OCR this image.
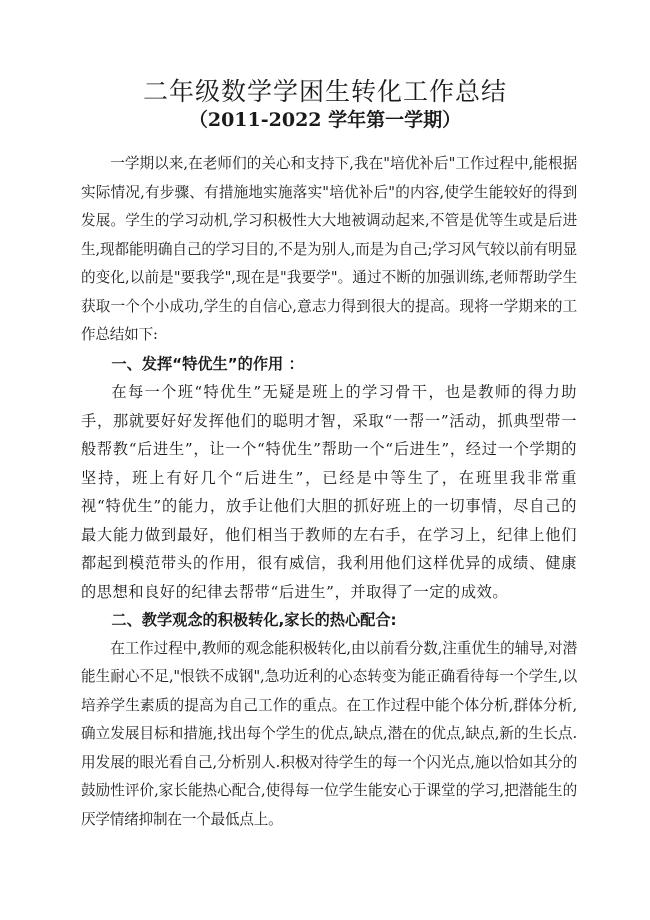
二年级数学学困生转化工作总结
（2011-2022 学年第一学期）

一学期以来,在老师们的关心和支持下,我在"培优补后"工作过程中,能根据实际情况,有步骤、有措施地实施落实"培优补后"的内容,使学生能较好的得到发展。学生的学习动机,学习积极性大大地被调动起来,不管是优等生或是后进生,现都能明确自己的学习目的,不是为别人,而是为自己;学习风气较以前有明显的变化,以前是"要我学",现在是"我要学"。通过不断的加强训练,老师帮助学生获取一个个小成功,学生的自信心,意志力得到很大的提高。现将一学期来的工作总结如下:

一、发挥“特优生”的作用 ：

在每一个班“特优生”无疑是班上的学习骨干，也是教师的得力助手，那就要好好发挥他们的聪明才智，采取“一帮一”活动，抓典型带一般帮教“后进生”，让一个“特优生”帮助一个“后进生”，经过一个学期的坚持，班上有好几个“后进生”，已经是中等生了，在班里我非常重视“特优生”的能力，放手让他们大胆的抓好班上的一切事情，尽自己的最大能力做到最好，他们相当于教师的左右手，在学习上，纪律上他们都起到模范带头的作用，很有威信，我利用他们这样优异的成绩、健康的思想和良好的纪律去帮带“后进生”，并取得了一定的成效。

二、教学观念的积极转化,家长的热心配合:

在工作过程中,教师的观念能积极转化,由以前看分数,注重优生的辅导,对潜能生耐心不足,"恨铁不成钢",急功近利的心态转变为能正确看待每一个学生,以培养学生素质的提高为自己工作的重点。在工作过程中能个体分析,群体分析,确立发展目标和措施,找出每个学生的优点,缺点,潜在的优点,缺点,新的生长点.用发展的眼光看自己,分析别人.积极对待学生的每一个闪光点,施以恰如其分的鼓励性评价,家长能热心配合,使得每一位学生能安心于课堂的学习,把潜能生的厌学情绪抑制在一个最低点上。
